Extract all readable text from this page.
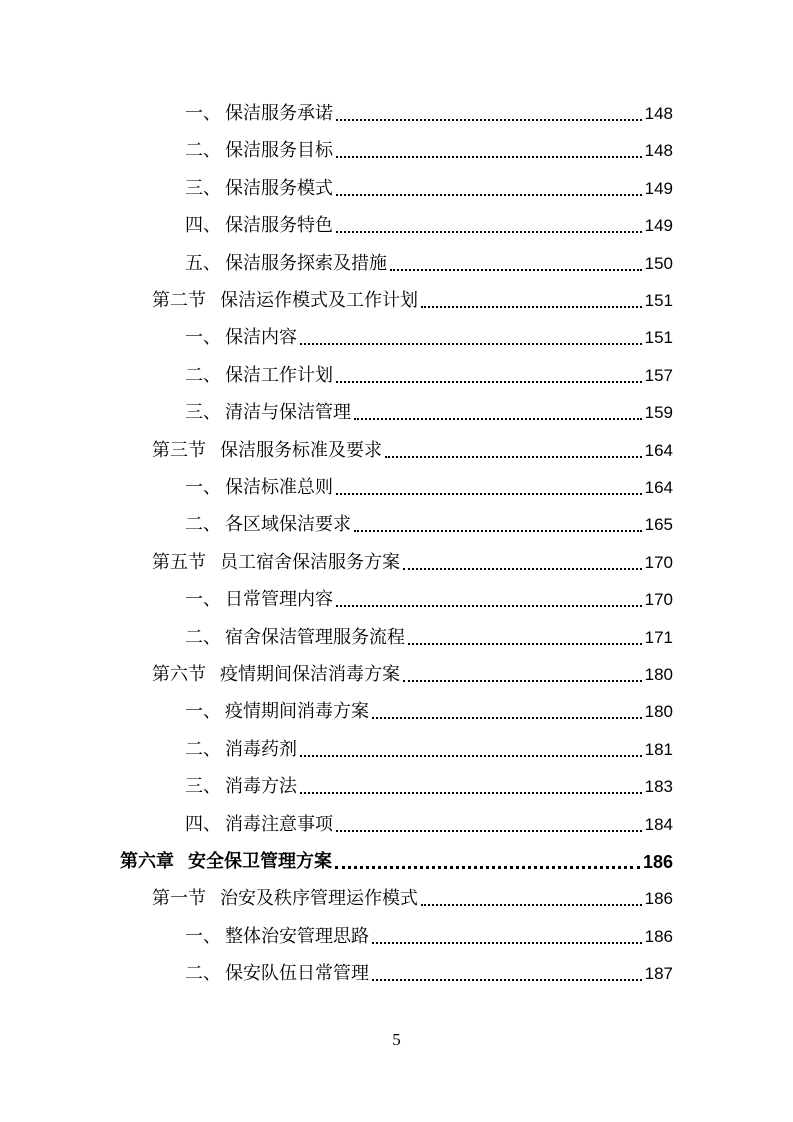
一、 保洁服务承诺	148
二、 保洁服务目标	148
三、 保洁服务模式	149
四、 保洁服务特色	149
五、 保洁服务探索及措施	150
第二节 保洁运作模式及工作计划	151
一、 保洁内容	151
二、 保洁工作计划	157
三、 清洁与保洁管理	159
第三节 保洁服务标准及要求	164
一、 保洁标准总则	164
二、 各区域保洁要求	165
第五节 员工宿舍保洁服务方案	170
一、 日常管理内容	170
二、 宿舍保洁管理服务流程	171
第六节 疫情期间保洁消毒方案	180
一、 疫情期间消毒方案	180
二、 消毒药剂	181
三、 消毒方法	183
四、 消毒注意事项	184
第六章 安全保卫管理方案	186
第一节 治安及秩序管理运作模式	186
一、 整体治安管理思路	186
二、 保安队伍日常管理	187
5
